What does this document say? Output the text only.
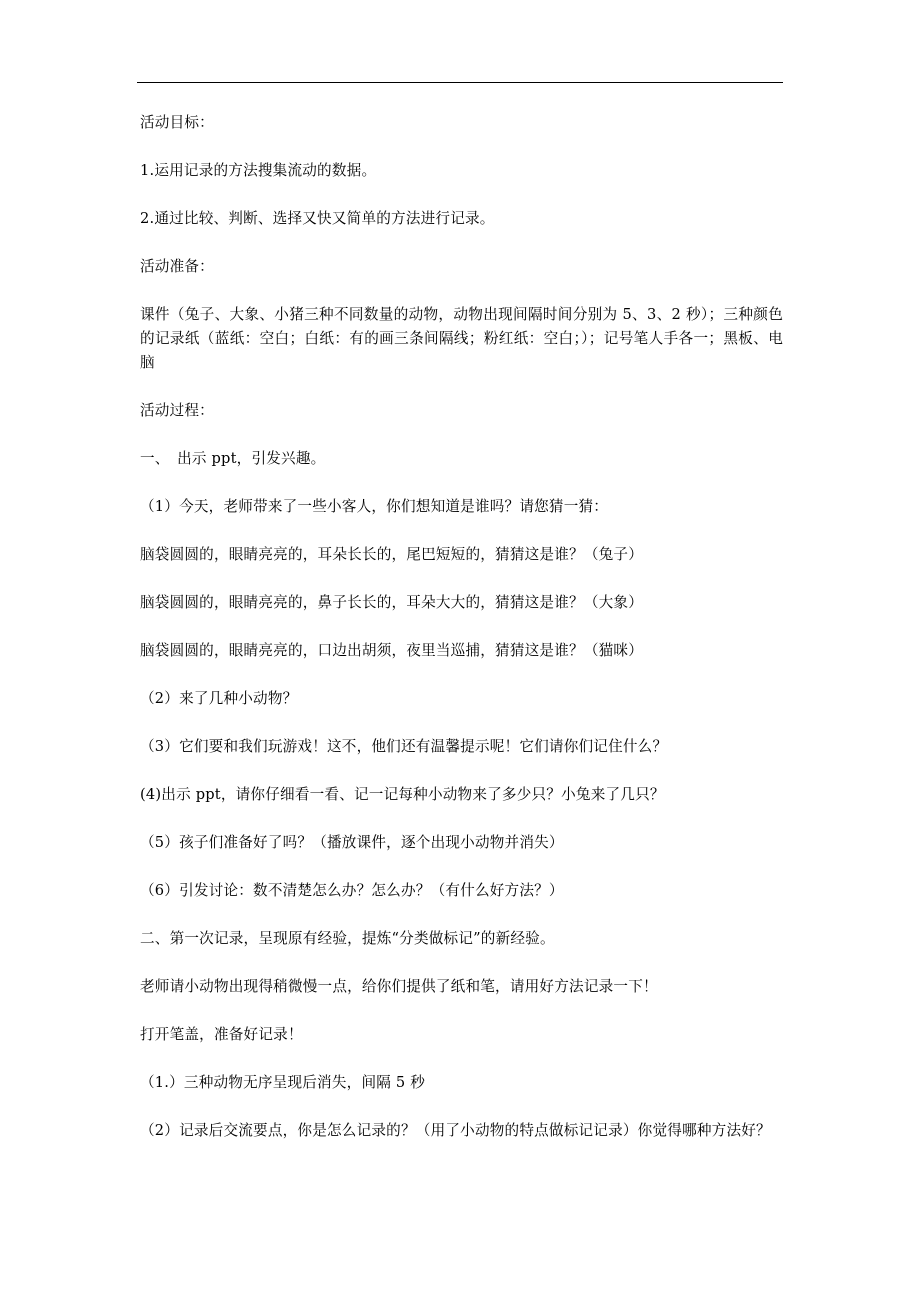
活动目标：

1.运用记录的方法搜集流动的数据。

2.通过比较、判断、选择又快又简单的方法进行记录。

活动准备：

课件（兔子、大象、小猪三种不同数量的动物，动物出现间隔时间分别为 5、3、2 秒）；三种颜色的记录纸（蓝纸：空白；白纸：有的画三条间隔线；粉红纸：空白；）；记号笔人手各一；黑板、电脑

活动过程：

一、　出示 ppt，引发兴趣。

（1）今天，老师带来了一些小客人，你们想知道是谁吗？请您猜一猜：

脑袋圆圆的，眼睛亮亮的，耳朵长长的，尾巴短短的，猜猜这是谁？（兔子）

脑袋圆圆的，眼睛亮亮的，鼻子长长的，耳朵大大的，猜猜这是谁？（大象）

脑袋圆圆的，眼睛亮亮的，口边出胡须，夜里当巡捕，猜猜这是谁？（猫咪）

（2）来了几种小动物？

（3）它们要和我们玩游戏！这不，他们还有温馨提示呢！它们请你们记住什么？

(4)出示 ppt，请你仔细看一看、记一记每种小动物来了多少只？小兔来了几只？

（5）孩子们准备好了吗？（播放课件，逐个出现小动物并消失）

（6）引发讨论：数不清楚怎么办？怎么办？（有什么好方法？）

二、第一次记录，呈现原有经验，提炼“分类做标记”的新经验。

老师请小动物出现得稍微慢一点，给你们提供了纸和笔，请用好方法记录一下！

打开笔盖，准备好记录！

（1.）三种动物无序呈现后消失，间隔 5 秒

（2）记录后交流要点，你是怎么记录的？（用了小动物的特点做标记记录）你觉得哪种方法好？
